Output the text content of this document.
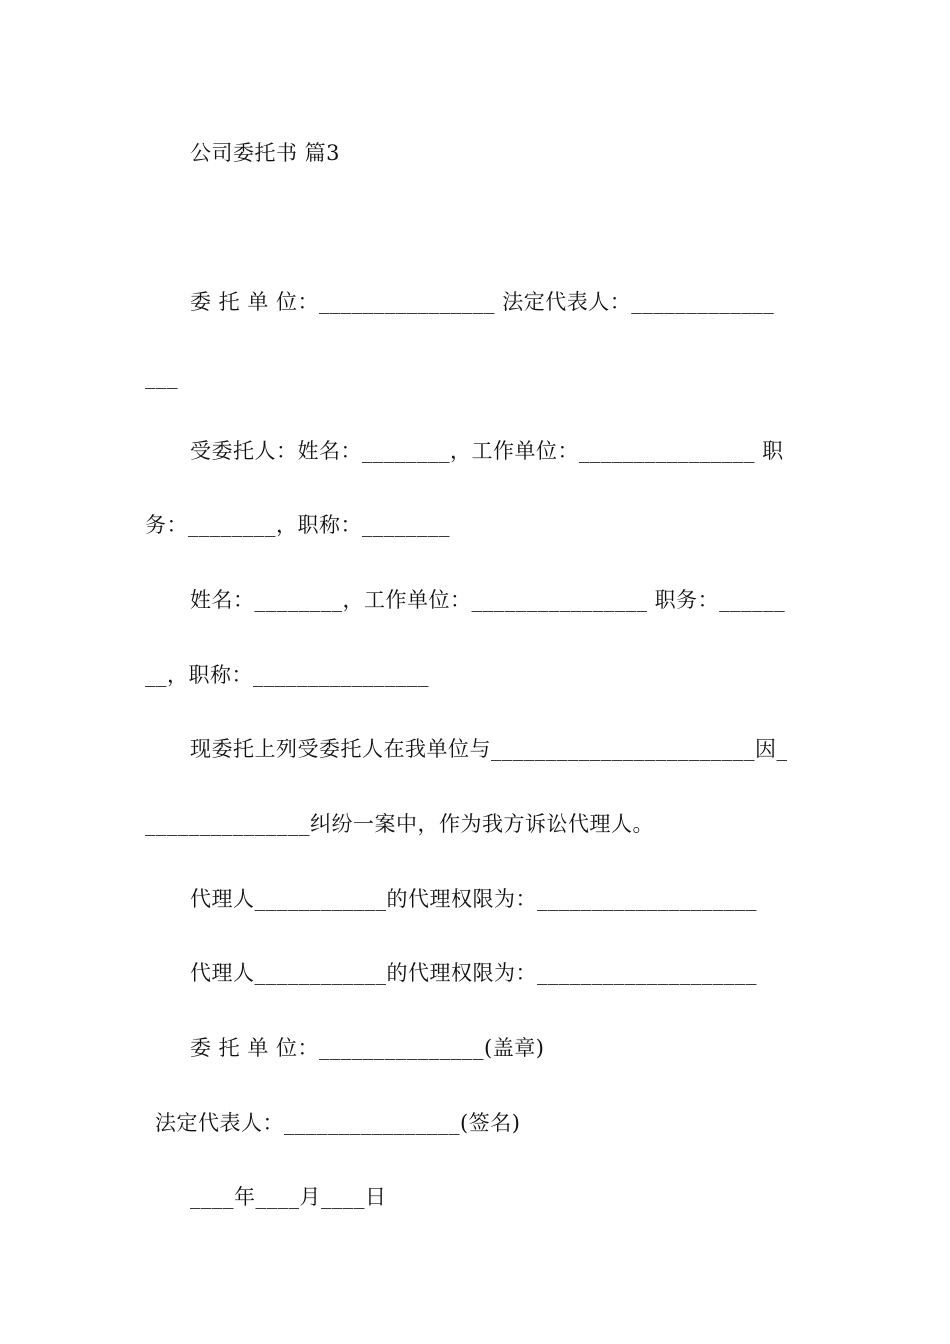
公司委托书 篇3
委 托 单 位：________________ 法定代表人：_____________
___
受委托人：姓名：________，工作单位：________________ 职
务：________，职称：________
姓名：________，工作单位：________________ 职务：______
__，职称：________________
现委托上列受委托人在我单位与________________________因_
_______________纠纷一案中，作为我方诉讼代理人。
代理人____________的代理权限为：____________________
代理人____________的代理权限为：____________________
委 托 单 位：_______________(盖章)
法定代表人：________________(签名)
____年____月____日
